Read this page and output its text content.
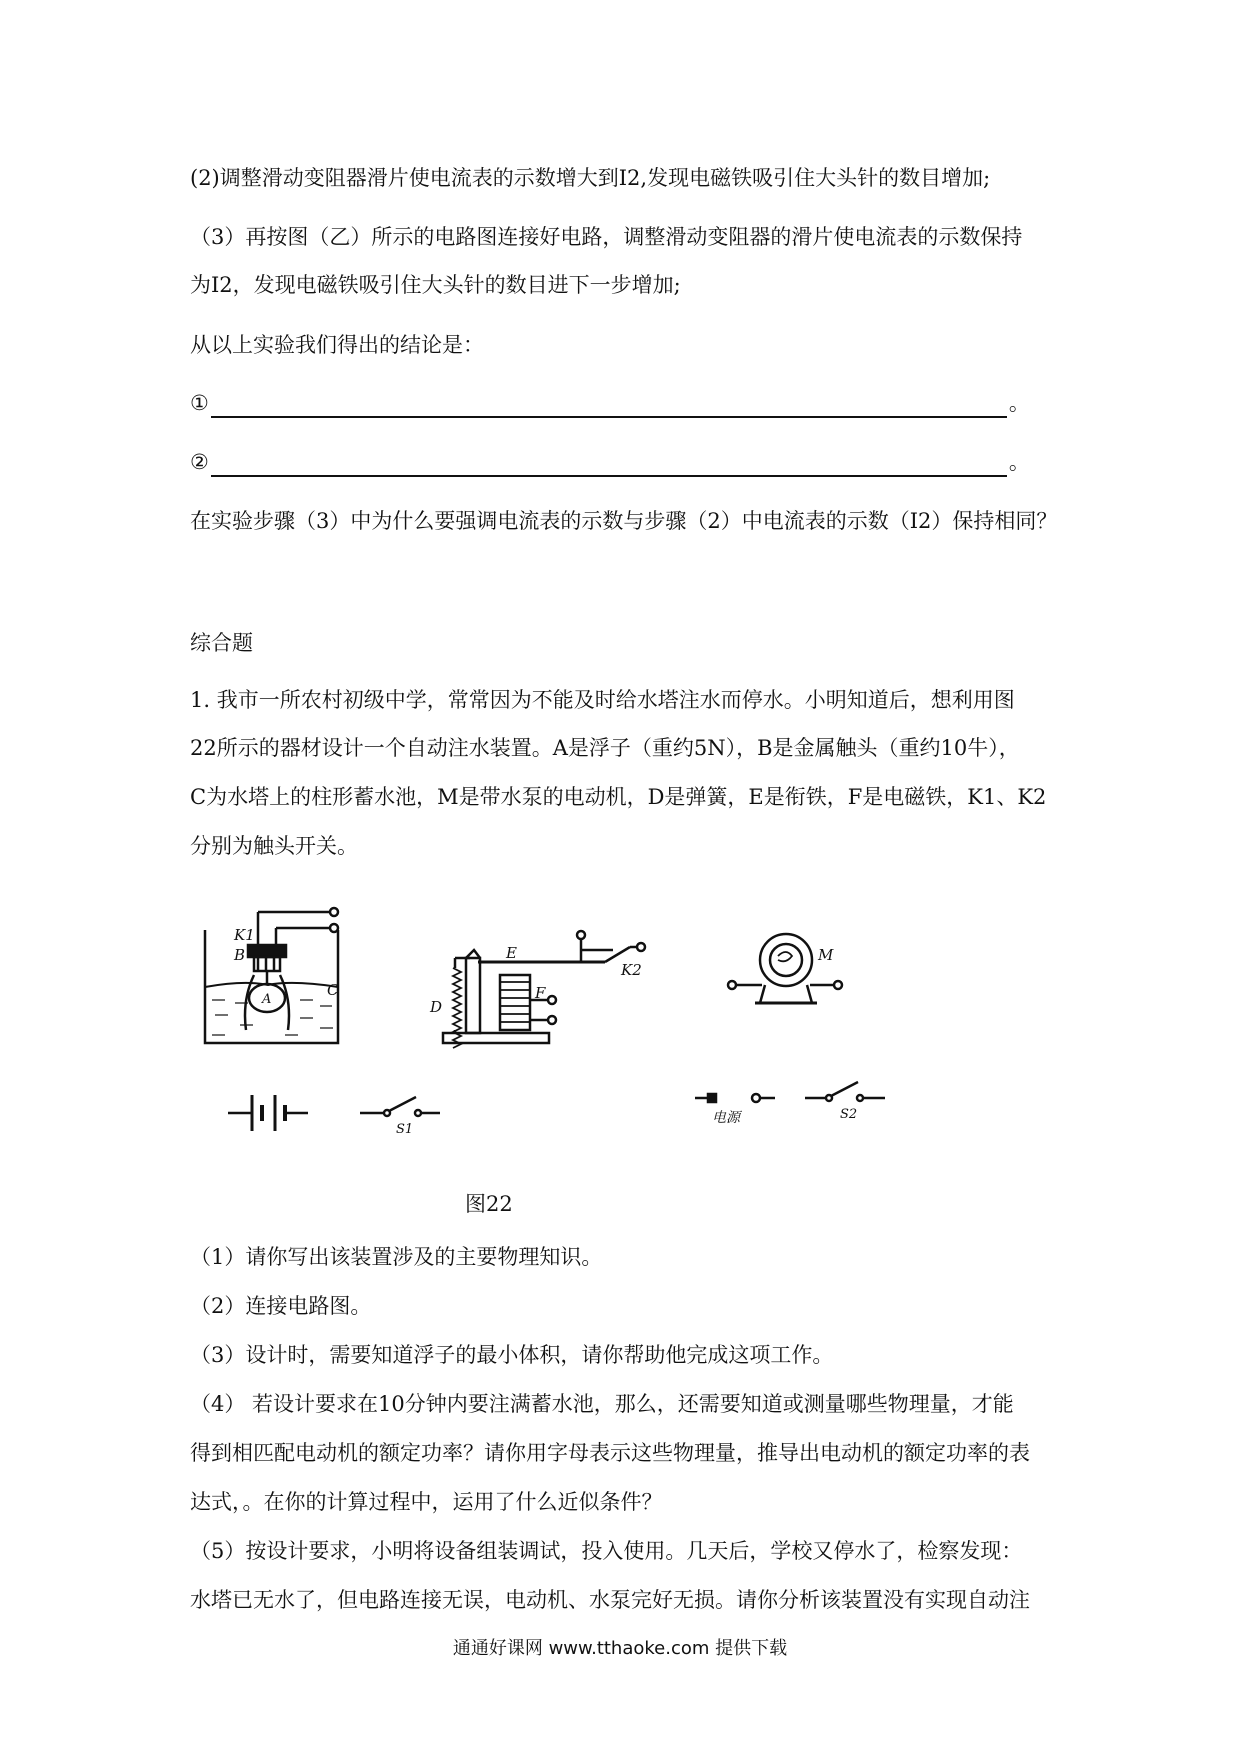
(2)调整滑动变阻器滑片使电流表的示数增大到I2,发现电磁铁吸引住大头针的数目增加;
（3）再按图（乙）所示的电路图连接好电路，调整滑动变阻器的滑片使电流表的示数保持
为I2，发现电磁铁吸引住大头针的数目进下一步增加;
从以上实验我们得出的结论是：
①	。
②	。
在实验步骤（3）中为什么要强调电流表的示数与步骤（2）中电流表的示数（I2）保持相同？
综合题
1. 我市一所农村初级中学，常常因为不能及时给水塔注水而停水。小明知道后，想利用图
22所示的器材设计一个自动注水装置。A是浮子（重约5N），B是金属触头（重约10牛），
C为水塔上的柱形蓄水池，M是带水泵的电动机，D是弹簧，E是衔铁，F是电磁铁，K1、K2
分别为触头开关。
K1
B
A
C
E
D
F
K2
M
S1
电源	S2
图22
（1）请你写出该装置涉及的主要物理知识。
（2）连接电路图。
（3）设计时，需要知道浮子的最小体积，请你帮助他完成这项工作。
（4） 若设计要求在10分钟内要注满蓄水池，那么，还需要知道或测量哪些物理量，才能
得到相匹配电动机的额定功率？请你用字母表示这些物理量，推导出电动机的额定功率的表
达式，。在你的计算过程中，运用了什么近似条件？
（5）按设计要求，小明将设备组装调试，投入使用。几天后，学校又停水了，检察发现：
水塔已无水了，但电路连接无误，电动机、水泵完好无损。请你分析该装置没有实现自动注
通通好课网 www.tthaoke.com 提供下载
